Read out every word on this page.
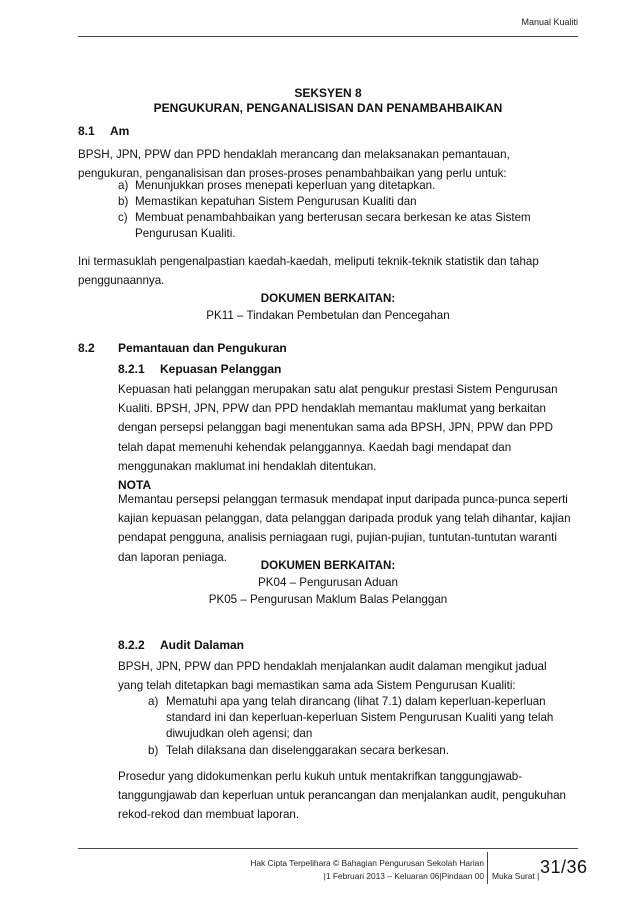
Manual Kualiti
SEKSYEN 8
PENGUKURAN, PENGANALISISAN DAN PENAMBAHBAIKAN
8.1 Am
BPSH, JPN, PPW dan PPD hendaklah merancang dan melaksanakan pemantauan,
pengukuran, penganalisisan dan proses-proses penambahbaikan yang perlu untuk:
a) Menunjukkan proses menepati keperluan yang ditetapkan.
b) Memastikan kepatuhan Sistem Pengurusan Kualiti dan
c) Membuat penambahbaikan yang berterusan secara berkesan ke atas Sistem
Pengurusan Kualiti.
Ini termasuklah pengenalpastian kaedah-kaedah, meliputi teknik-teknik statistik dan tahap
penggunaannya.
DOKUMEN BERKAITAN:
PK11 – Tindakan Pembetulan dan Pencegahan
8.2 Pemantauan dan Pengukuran
8.2.1 Kepuasan Pelanggan
Kepuasan hati pelanggan merupakan satu alat pengukur prestasi Sistem Pengurusan
Kualiti. BPSH, JPN, PPW dan PPD hendaklah memantau maklumat yang berkaitan
dengan persepsi pelanggan bagi menentukan sama ada BPSH, JPN, PPW dan PPD
telah dapat memenuhi kehendak pelanggannya. Kaedah bagi mendapat dan
menggunakan maklumat ini hendaklah ditentukan.
NOTA
Memantau persepsi pelanggan termasuk mendapat input daripada punca-punca seperti
kajian kepuasan pelanggan, data pelanggan daripada produk yang telah dihantar, kajian
pendapat pengguna, analisis perniagaan rugi, pujian-pujian, tuntutan-tuntutan waranti
dan laporan peniaga.
DOKUMEN BERKAITAN:
PK04 – Pengurusan Aduan
PK05 – Pengurusan Maklum Balas Pelanggan
8.2.2 Audit Dalaman
BPSH, JPN, PPW dan PPD hendaklah menjalankan audit dalaman mengikut jadual
yang telah ditetapkan bagi memastikan sama ada Sistem Pengurusan Kualiti:
a) Mematuhi apa yang telah dirancang (lihat 7.1) dalam keperluan-keperluan
standard ini dan keperluan-keperluan Sistem Pengurusan Kualiti yang telah
diwujudkan oleh agensi; dan
b) Telah dilaksana dan diselenggarakan secara berkesan.
Prosedur yang didokumenkan perlu kukuh untuk mentakrifkan tanggungjawab-
tanggungjawab dan keperluan untuk perancangan dan menjalankan audit, pengukuhan
rekod-rekod dan membuat laporan.
Hak Cipta Terpelihara © Bahagian Pengurusan Sekolah Harian
|1 Februari 2013 – Keluaran 06|Pindaan 00 Muka Surat | 31/36
